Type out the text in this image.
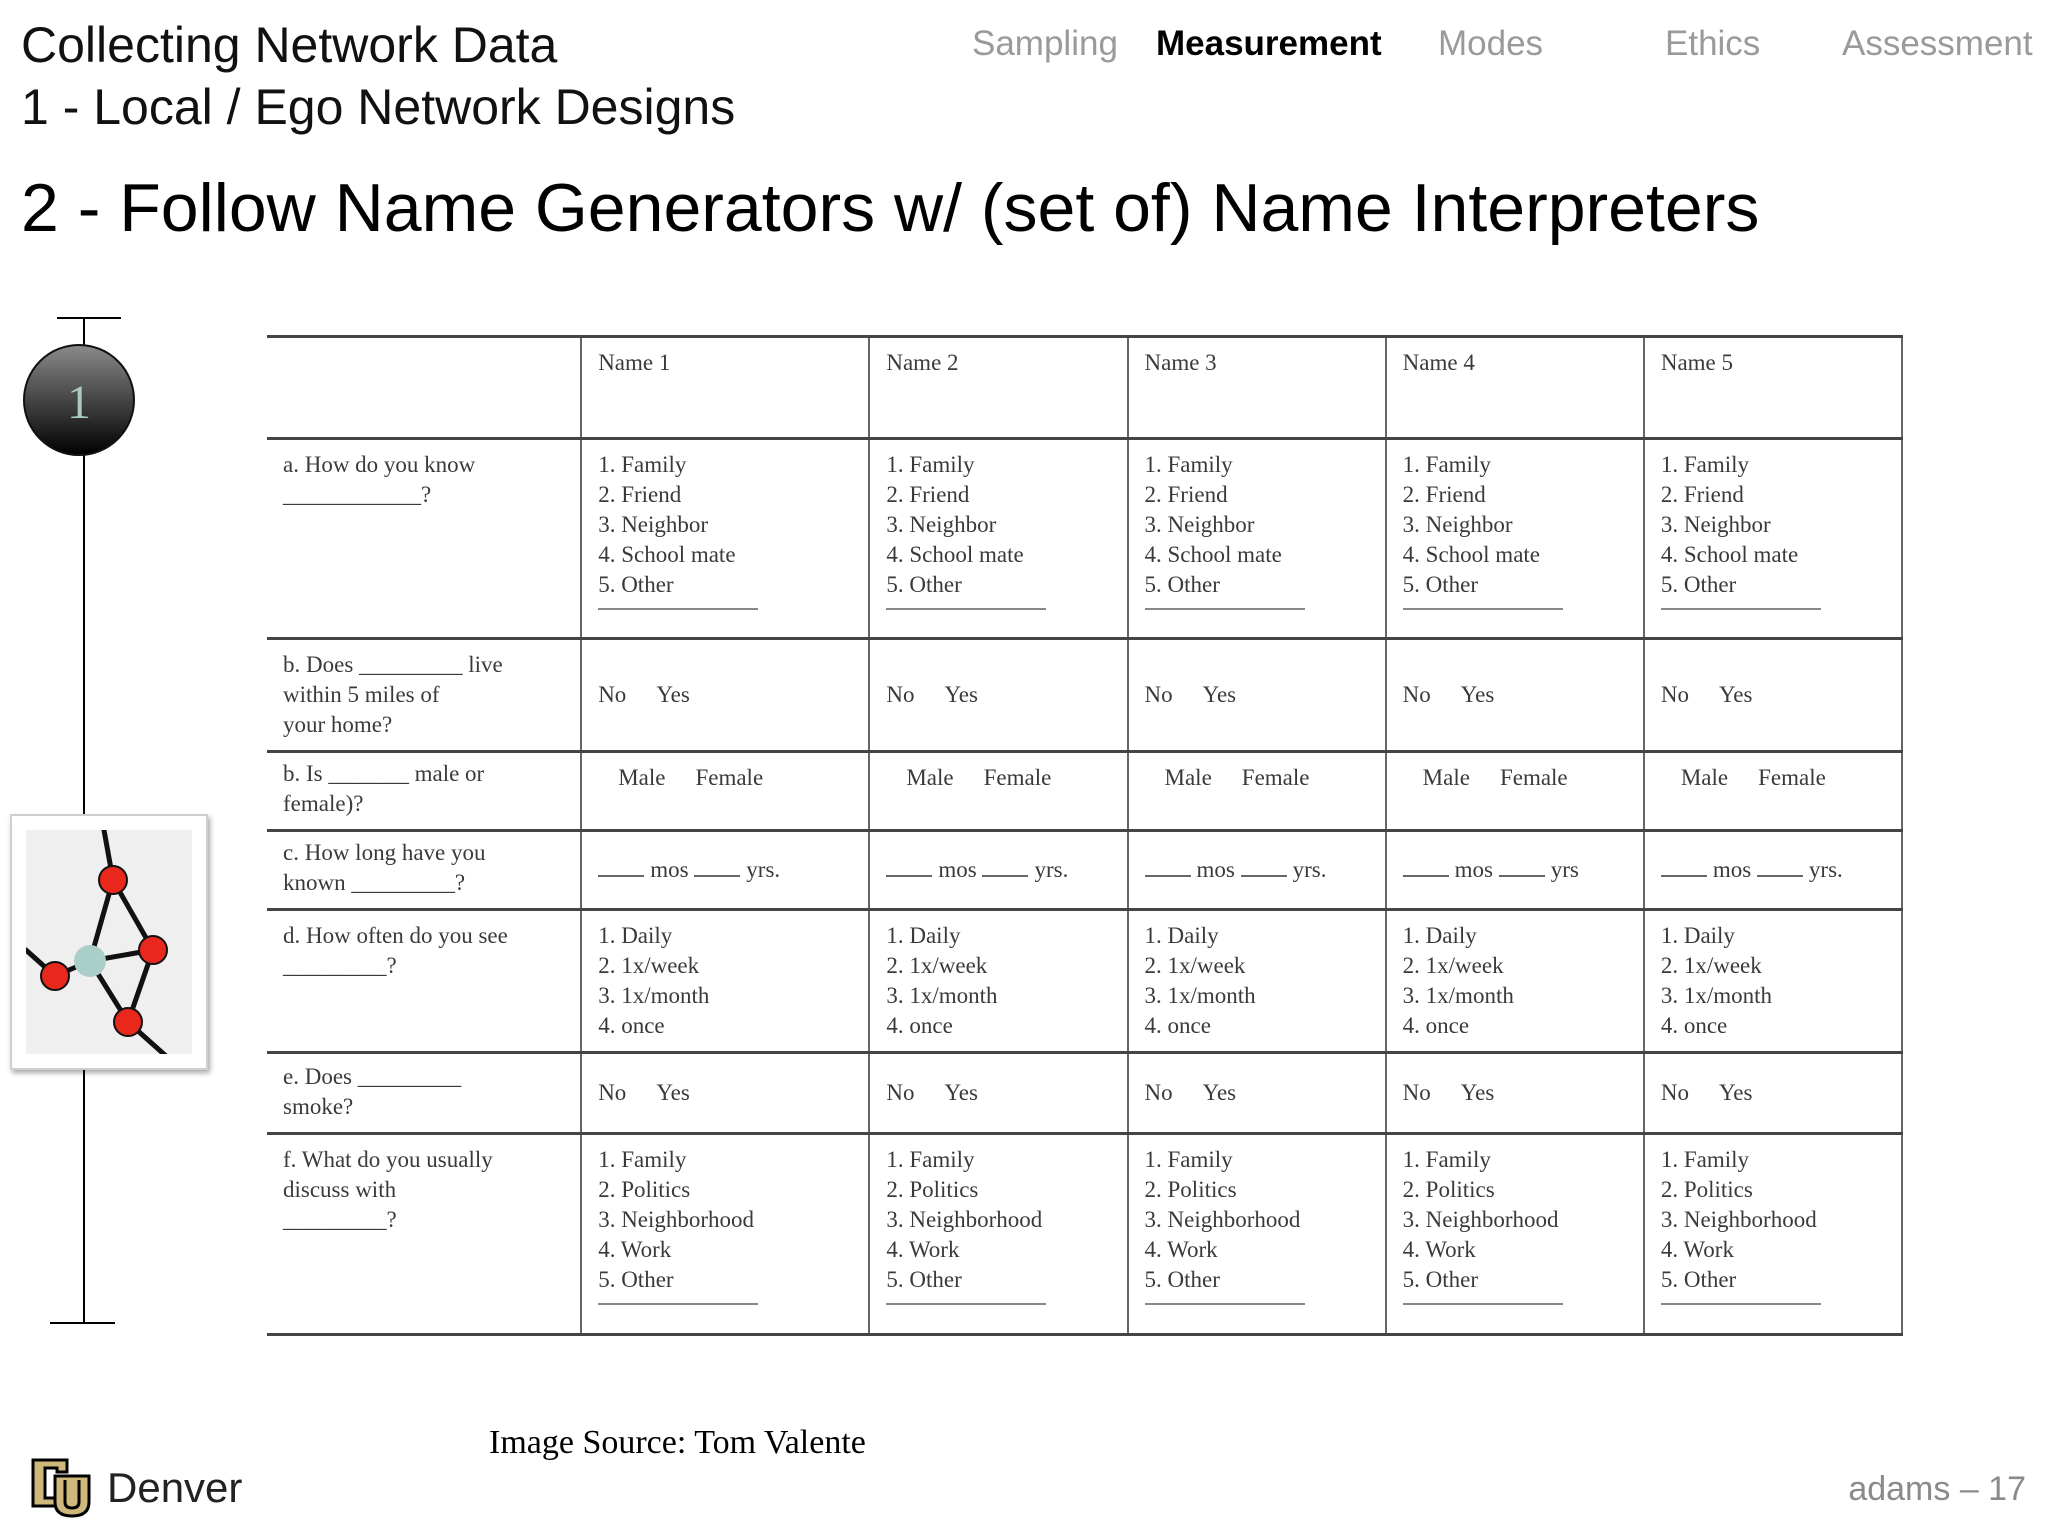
Collecting Network Data
1 - Local / Ego Network Designs
Sampling Measurement Modes	Ethics Assessment
2 - Follow Name Generators w/ (set of) Name Interpreters
1
	Name 1	Name 2	Name 3	Name 4	Name 5
a. How do you know
____________?	1. Family
2. Friend
3. Neighbor
4. School mate
5. Other	1. Family
2. Friend
3. Neighbor
4. School mate
5. Other	1. Family
2. Friend
3. Neighbor
4. School mate
5. Other	1. Family
2. Friend
3. Neighbor
4. School mate
5. Other	1. Family
2. Friend
3. Neighbor
4. School mate
5. Other

b. Does _________ live
within 5 miles of
your home?	No Yes	No Yes	No Yes	No Yes	No Yes
b. Is _______ male or
female)?	Male Female	Male Female	Male Female	Male Female	Male Female
c. How long have you
known _________?	mos yrs.	mos yrs.	mos yrs.	mos yrs	mos yrs.
d. How often do you see
_________?	1. Daily
2. 1x/week
3. 1x/month
4. once	1. Daily
2. 1x/week
3. 1x/month
4. once	1. Daily
2. 1x/week
3. 1x/month
4. once	1. Daily
2. 1x/week
3. 1x/month
4. once	1. Daily
2. 1x/week
3. 1x/month
4. once

e. Does _________
smoke?	No Yes	No Yes	No Yes	No Yes	No Yes
f. What do you usually
discuss with
_________?	1. Family
2. Politics
3. Neighborhood
4. Work
5. Other	1. Family
2. Politics
3. Neighborhood
4. Work
5. Other	1. Family
2. Politics
3. Neighborhood
4. Work
5. Other	1. Family
2. Politics
3. Neighborhood
4. Work
5. Other	1. Family
2. Politics
3. Neighborhood
4. Work
5. Other
Image Source: Tom Valente
Denver	adams – 17
